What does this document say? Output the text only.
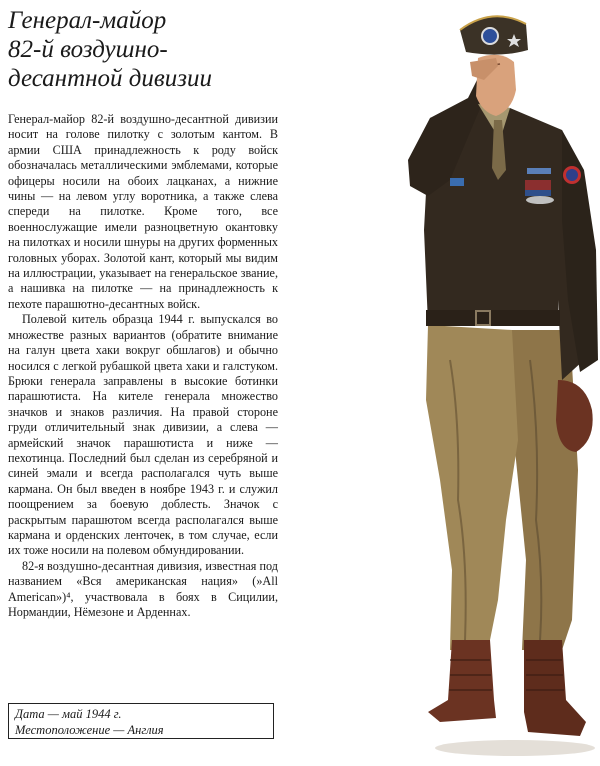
Генерал-майор
82-й воздушно-
десантной дивизии

Генерал-майор 82-й воздушно-десантной дивизии носит на голове пилотку с золотым кантом. В армии США принадлежность к роду войск обозначалась металлическими эмблемами, которые офицеры носили на обоих лацканах, а нижние чины — на левом углу воротника, а также слева спереди на пилотке. Кроме того, все военнослужащие имели разноцветную окантовку на пилотках и носили шнуры на других форменных головных уборах. Золотой кант, который мы видим на иллюстрации, указывает на генеральское звание, а нашивка на пилотке — на принадлежность к пехоте парашютно-десантных войск.

Полевой китель образца 1944 г. выпускался во множестве разных вариантов (обратите внимание на галун цвета хаки вокруг обшлагов) и обычно носился с легкой рубашкой цвета хаки и галстуком. Брюки генерала заправлены в высокие ботинки парашютиста. На кителе генерала множество значков и знаков различия. На правой стороне груди отличительный знак дивизии, а слева — армейский значок парашютиста и ниже — пехотинца. Последний был сделан из серебряной и синей эмали и всегда располагался чуть выше кармана. Он был введен в ноябре 1943 г. и служил поощрением за боевую доблесть. Значок с раскрытым парашютом всегда располагался выше кармана и орденских ленточек, в том случае, если их тоже носили на полевом обмундировании.

82-я воздушно-десантная дивизия, известная под названием «Вся американская нация» (»All American»)⁴, участвовала в боях в Сицилии, Нормандии, Нёмезоне и Арденнах.

Дата — май 1944 г.
Местоположение — Англия
